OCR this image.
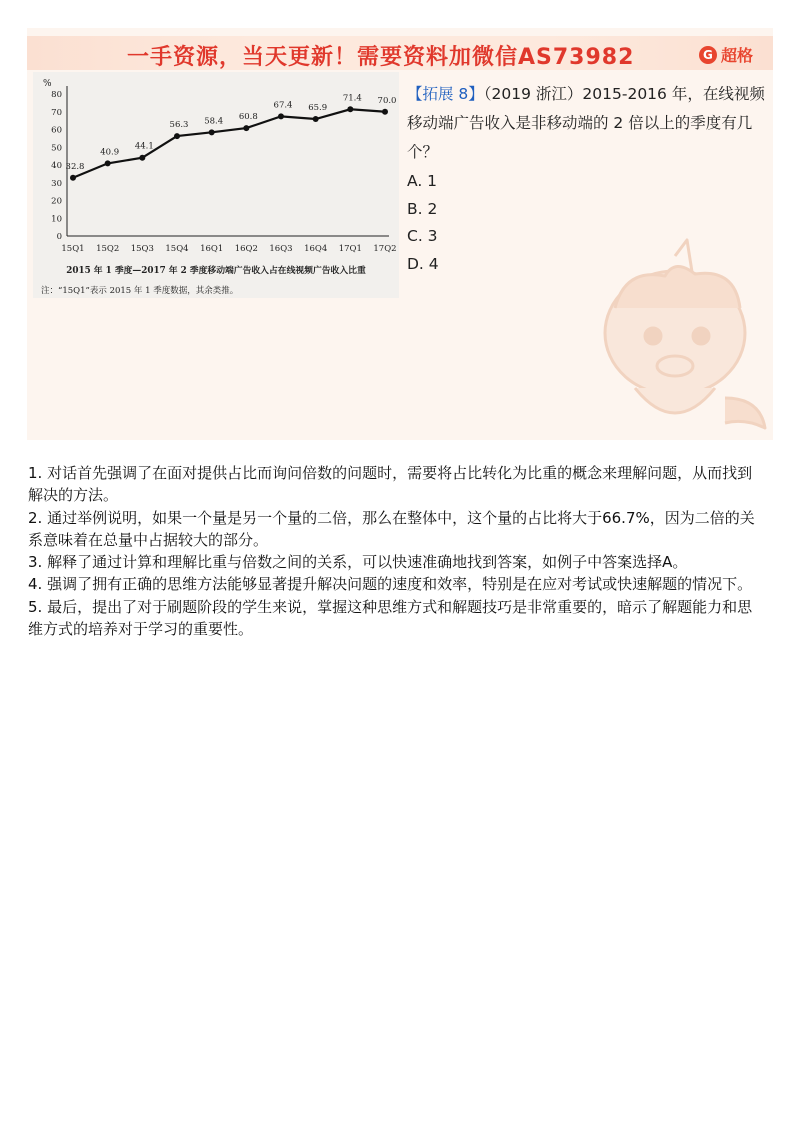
一手资源，当天更新！需要资料加微信AS73982	G 超格
%
0
10
20
30
40
50
60
70
80
15Q1 15Q2 15Q3 15Q4 16Q1 16Q2 16Q3 16Q4 17Q1 17Q2
32.8
40.9
44.1
56.3 58.4 60.8
67.4 65.9
71.4 70.0
2015 年 1 季度—2017 年 2 季度移动端广告收入占在线视频广告收入比重
注：“15Q1”表示 2015 年 1 季度数据，其余类推。
【拓展 8】（2019 浙江）2015-2016 年，在线视频移动端广告收入是非移动端的 2 倍以上的季度有几个？
A. 1
B. 2
C. 3
D. 4

1. 对话首先强调了在面对提供占比而询问倍数的问题时，需要将占比转化为比重的概念来理解问题，从而找到解决的方法。

2. 通过举例说明，如果一个量是另一个量的二倍，那么在整体中，这个量的占比将大于66.7%，因为二倍的关系意味着在总量中占据较大的部分。

3. 解释了通过计算和理解比重与倍数之间的关系，可以快速准确地找到答案，如例子中答案选择A。

4. 强调了拥有正确的思维方法能够显著提升解决问题的速度和效率，特别是在应对考试或快速解题的情况下。

5. 最后，提出了对于刷题阶段的学生来说，掌握这种思维方式和解题技巧是非常重要的，暗示了解题能力和思维方式的培养对于学习的重要性。
